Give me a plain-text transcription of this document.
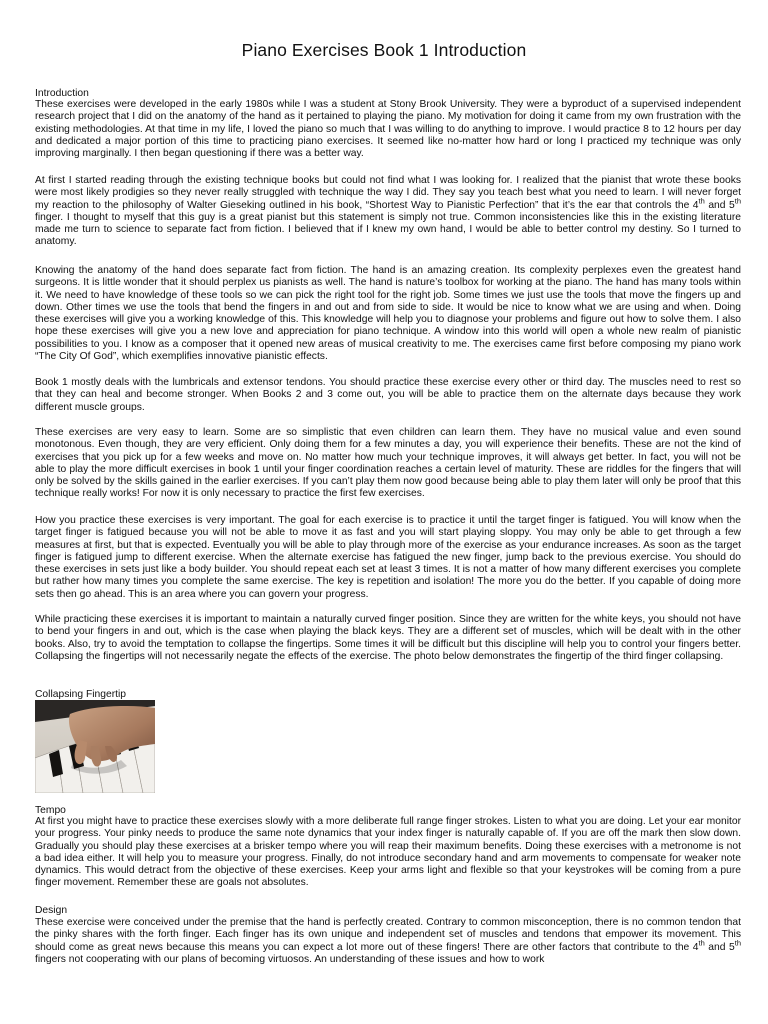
Piano Exercises Book 1 Introduction
Introduction
These exercises were developed in the early 1980s while I was a student at Stony Brook University. They were a byproduct of a supervised independent research project that I did on the anatomy of the hand as it pertained to playing the piano. My motivation for doing it came from my own frustration with the existing methodologies. At that time in my life, I loved the piano so much that I was willing to do anything to improve. I would practice 8 to 12 hours per day and dedicated a major portion of this time to practicing piano exercises. It seemed like no-matter how hard or long I practiced my technique was only improving marginally. I then began questioning if there was a better way.
At first I started reading through the existing technique books but could not find what I was looking for. I realized that the pianist that wrote these books were most likely prodigies so they never really struggled with technique the way I did. They say you teach best what you need to learn. I will never forget my reaction to the philosophy of Walter Gieseking outlined in his book, “Shortest Way to Pianistic Perfection” that it’s the ear that controls the 4th and 5th finger. I thought to myself that this guy is a great pianist but this statement is simply not true. Common inconsistencies like this in the existing literature made me turn to science to separate fact from fiction. I believed that if I knew my own hand, I would be able to better control my destiny. So I turned to anatomy.
Knowing the anatomy of the hand does separate fact from fiction. The hand is an amazing creation. Its complexity perplexes even the greatest hand surgeons. It is little wonder that it should perplex us pianists as well. The hand is nature’s toolbox for working at the piano. The hand has many tools within it. We need to have knowledge of these tools so we can pick the right tool for the right job. Some times we just use the tools that move the fingers up and down. Other times we use the tools that bend the fingers in and out and from side to side. It would be nice to know what we are using and when. Doing these exercises will give you a working knowledge of this. This knowledge will help you to diagnose your problems and figure out how to solve them. I also hope these exercises will give you a new love and appreciation for piano technique. A window into this world will open a whole new realm of pianistic possibilities to you. I know as a composer that it opened new areas of musical creativity to me. The exercises came first before composing my piano work “The City Of God”, which exemplifies innovative pianistic effects.
Book 1 mostly deals with the lumbricals and extensor tendons. You should practice these exercise every other or third day. The muscles need to rest so that they can heal and become stronger. When Books 2 and 3 come out, you will be able to practice them on the alternate days because they work different muscle groups.
These exercises are very easy to learn. Some are so simplistic that even children can learn them. They have no musical value and even sound monotonous. Even though, they are very efficient. Only doing them for a few minutes a day, you will experience their benefits. These are not the kind of exercises that you pick up for a few weeks and move on. No matter how much your technique improves, it will always get better. In fact, you will not be able to play the more difficult exercises in book 1 until your finger coordination reaches a certain level of maturity. These are riddles for the fingers that will only be solved by the skills gained in the earlier exercises. If you can’t play them now good because being able to play them later will only be proof that this technique really works! For now it is only necessary to practice the first few exercises.
How you practice these exercises is very important. The goal for each exercise is to practice it until the target finger is fatigued. You will know when the target finger is fatigued because you will not be able to move it as fast and you will start playing sloppy. You may only be able to get through a few measures at first, but that is expected. Eventually you will be able to play through more of the exercise as your endurance increases. As soon as the target finger is fatigued jump to different exercise. When the alternate exercise has fatigued the new finger, jump back to the previous exercise. You should do these exercises in sets just like a body builder. You should repeat each set at least 3 times. It is not a matter of how many different exercises you complete but rather how many times you complete the same exercise. The key is repetition and isolation! The more you do the better. If you capable of doing more sets then go ahead. This is an area where you can govern your progress.
While practicing these exercises it is important to maintain a naturally curved finger position. Since they are written for the white keys, you should not have to bend your fingers in and out, which is the case when playing the black keys. They are a different set of muscles, which will be dealt with in the other books. Also, try to avoid the temptation to collapse the fingertips. Some times it will be difficult but this discipline will help you to control your fingers better. Collapsing the fingertips will not necessarily negate the effects of the exercise. The photo below demonstrates the fingertip of the third finger collapsing.
Collapsing Fingertip
Tempo
At first you might have to practice these exercises slowly with a more deliberate full range finger strokes. Listen to what you are doing. Let your ear monitor your progress. Your pinky needs to produce the same note dynamics that your index finger is naturally capable of. If you are off the mark then slow down. Gradually you should play these exercises at a brisker tempo where you will reap their maximum benefits. Doing these exercises with a metronome is not a bad idea either. It will help you to measure your progress. Finally, do not introduce secondary hand and arm movements to compensate for weaker note dynamics. This would detract from the objective of these exercises. Keep your arms light and flexible so that your keystrokes will be coming from a pure finger movement. Remember these are goals not absolutes.
Design
These exercise were conceived under the premise that the hand is perfectly created. Contrary to common misconception, there is no common tendon that the pinky shares with the forth finger. Each finger has its own unique and independent set of muscles and tendons that empower its movement. This should come as great news because this means you can expect a lot more out of these fingers! There are other factors that contribute to the 4th and 5th fingers not cooperating with our plans of becoming virtuosos. An understanding of these issues and how to work
